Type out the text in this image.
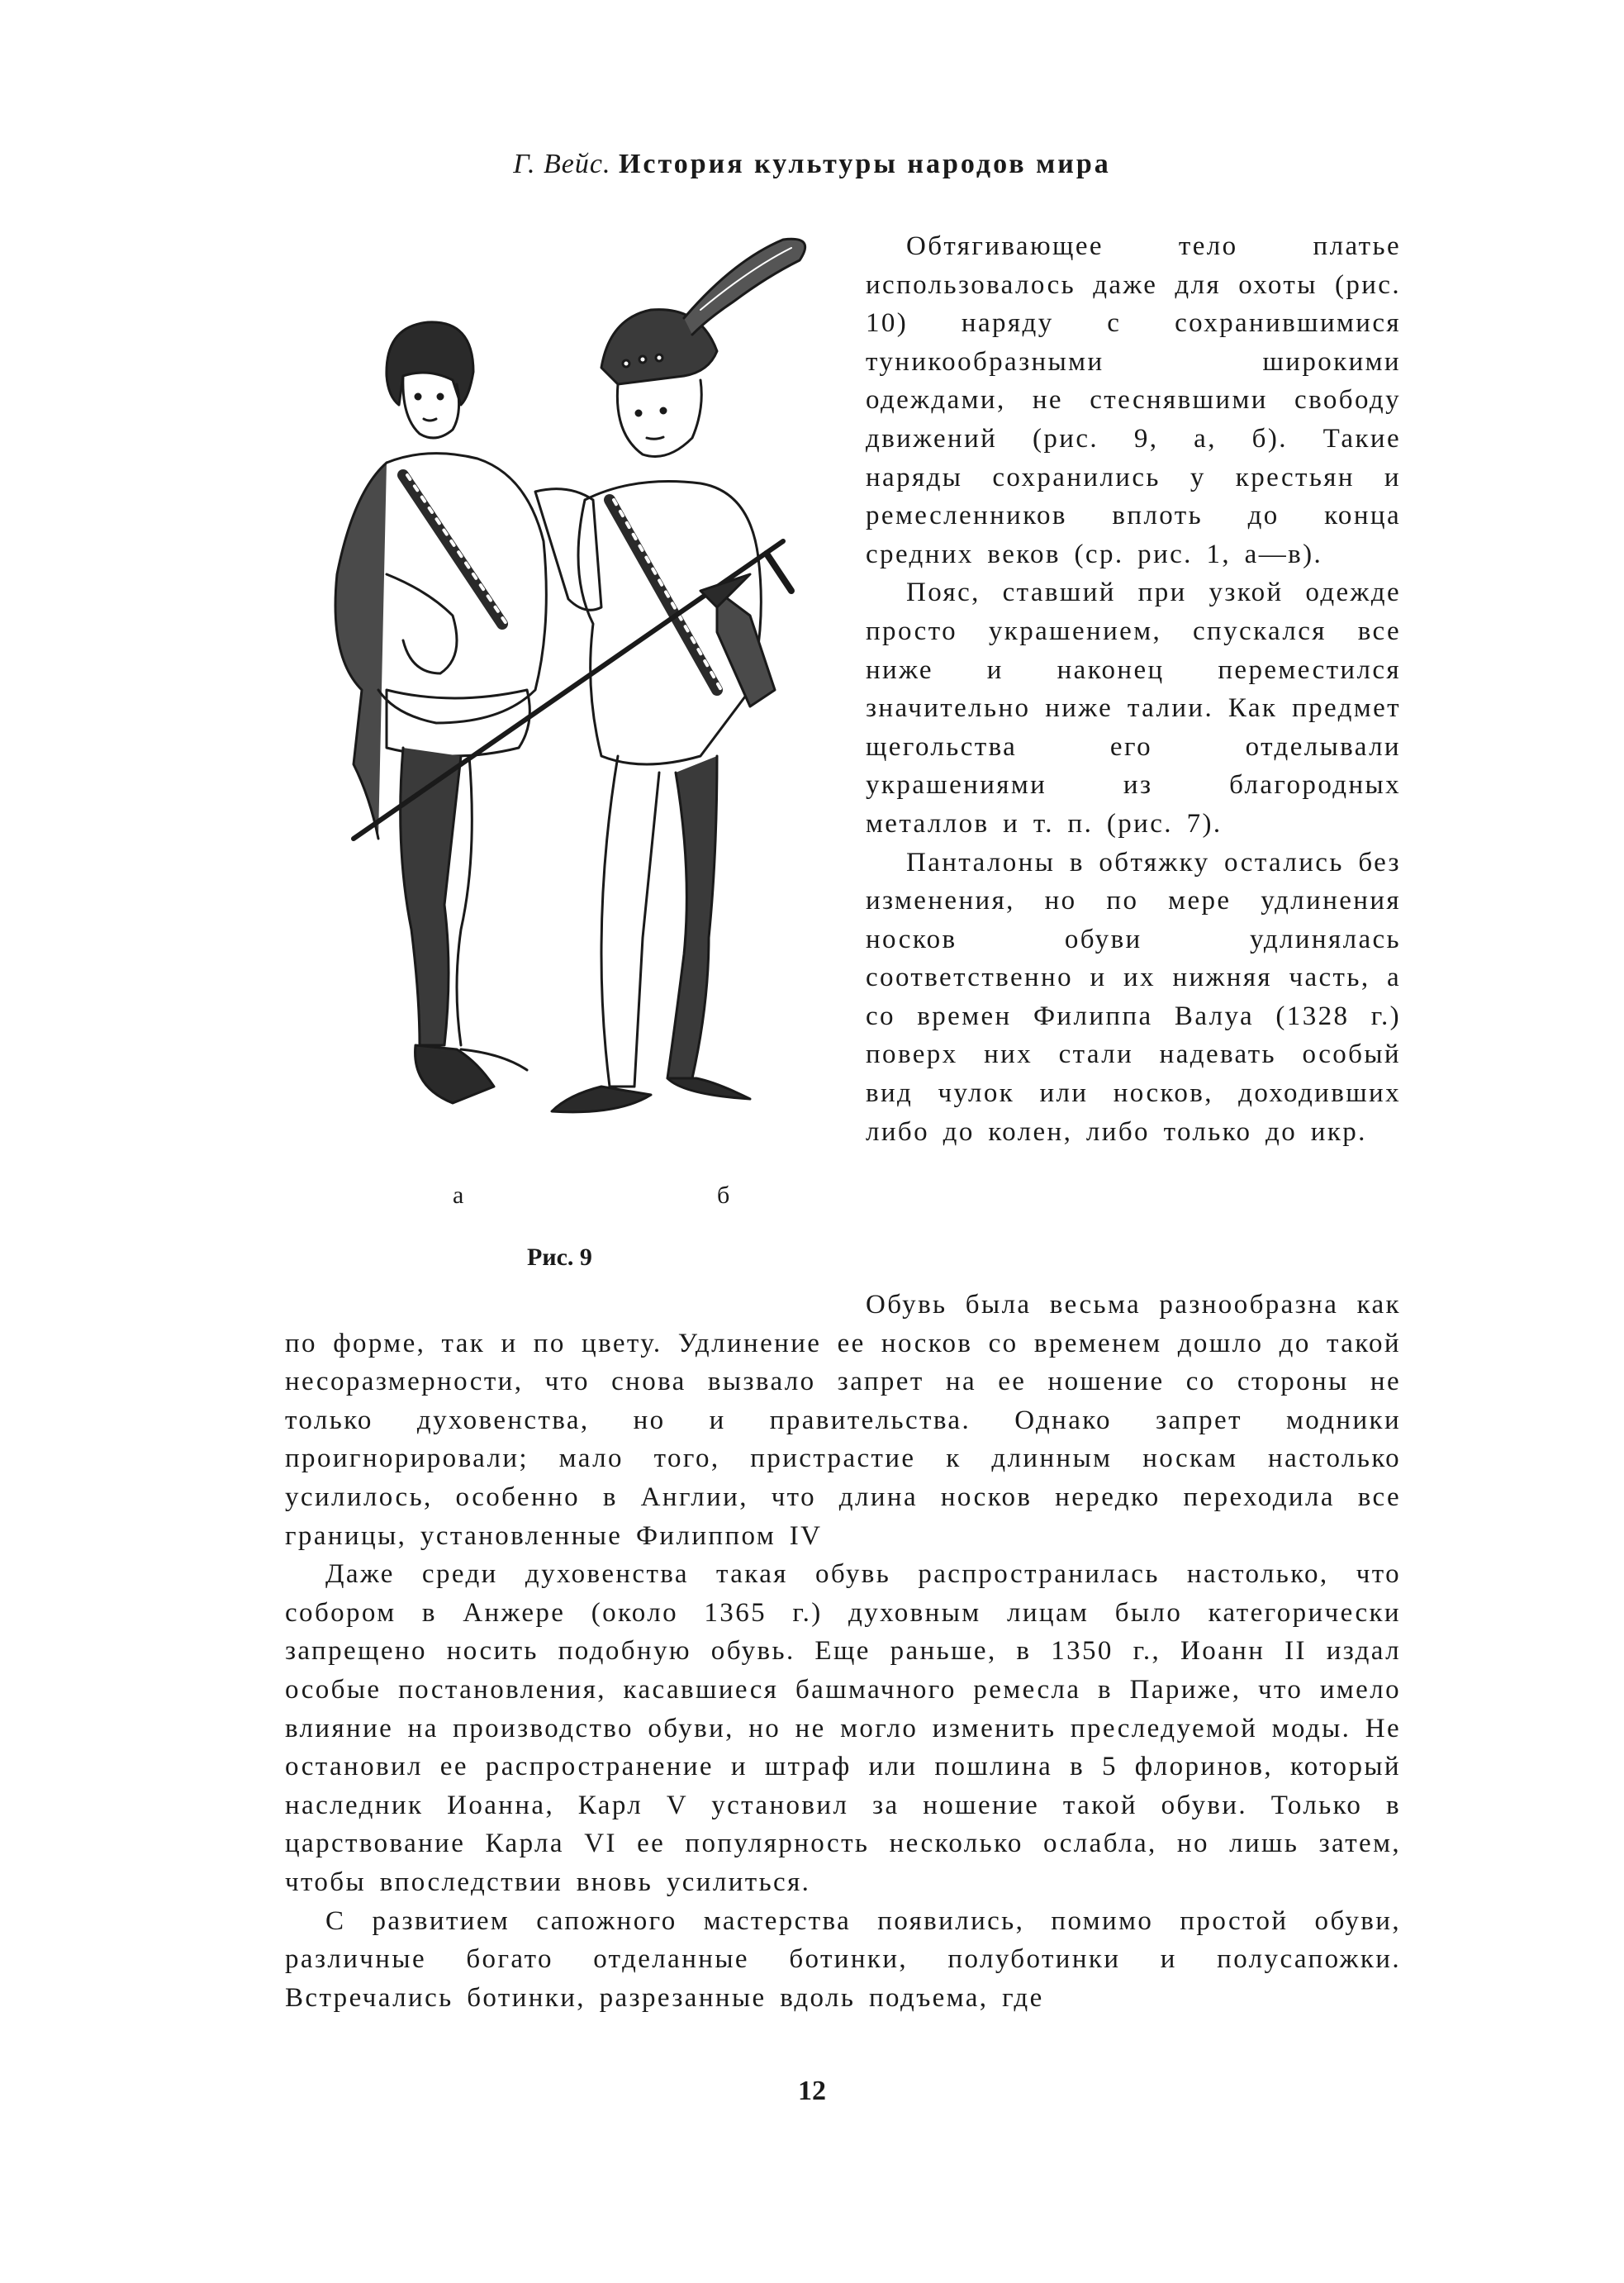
Г. Вейс. История культуры народов мира
а	б
Рис. 9

Обтягивающее тело платье использовалось даже для охоты (рис. 10) наряду с сохранившимися туникообразными широкими одеждами, не стеснявшими свободу движений (рис. 9, а, б). Такие наряды сохранились у крестьян и ремесленников вплоть до конца средних веков (ср. рис. 1, а—в).

Пояс, ставший при узкой одежде просто украшением, спускался все ниже и наконец переместился значительно ниже талии. Как предмет щегольства его отделывали украшениями из благородных металлов и т. п. (рис. 7).

Панталоны в обтяжку остались без изменения, но по мере удлинения носков обуви удлинялась соответственно и их нижняя часть, а со времен Филиппа Валуа (1328 г.) поверх них стали надевать особый вид чулок или носков, доходивших либо до колен, либо только до икр.

Обувь была весьма разнообразна как по форме, так и по цвету. Удлинение ее носков со временем дошло до такой несоразмерности, что снова вызвало запрет на ее ношение со стороны не только духовенства, но и правительства. Однако запрет модники проигнорировали; мало того, пристрастие к длинным носкам настолько усилилось, особенно в Англии, что длина носков нередко переходила все границы, установленные Филиппом IV

Даже среди духовенства такая обувь распространилась настолько, что собором в Анжере (около 1365 г.) духовным лицам было категорически запрещено носить подобную обувь. Еще раньше, в 1350 г., Иоанн II издал особые постановления, касавшиеся башмачного ремесла в Париже, что имело влияние на производство обуви, но не могло изменить преследуемой моды. Не остановил ее распространение и штраф или пошлина в 5 флоринов, который наследник Иоанна, Карл V установил за ношение такой обуви. Только в царствование Карла VI ее популярность несколько ослабла, но лишь затем, чтобы впоследствии вновь усилиться.

С развитием сапожного мастерства появились, помимо простой обуви, различные богато отделанные ботинки, полуботинки и полусапожки. Встречались ботинки, разрезанные вдоль подъема, где

12
